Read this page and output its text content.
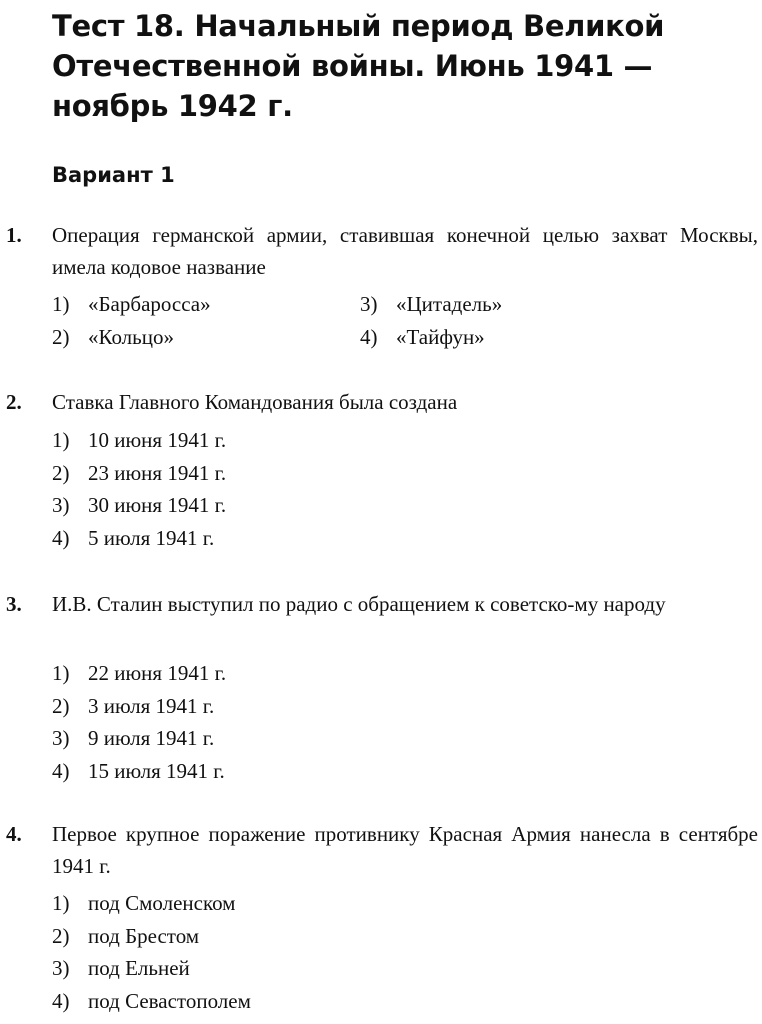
Тест 18. Начальный период Великой Отечественной войны. Июнь 1941 — ноябрь 1942 г.
Вариант 1
1. Операция германской армии, ставившая конечной целью захват Москвы, имела кодовое название

1) «Барбаросса»	3) «Цитадель»
2) «Кольцо»	4) «Тайфун»
2. Ставка Главного Командования была создана

1) 10 июня 1941 г.
2) 23 июня 1941 г.
3) 30 июня 1941 г.
4) 5 июля 1941 г.
3. И.В. Сталин выступил по радио с обращением к советско-му народу

1) 22 июня 1941 г.
2) 3 июля 1941 г.
3) 9 июля 1941 г.
4) 15 июля 1941 г.
4. Первое крупное поражение противнику Красная Армия нанесла в сентябре 1941 г.

1) под Смоленском
2) под Брестом
3) под Ельней
4) под Севастополем
